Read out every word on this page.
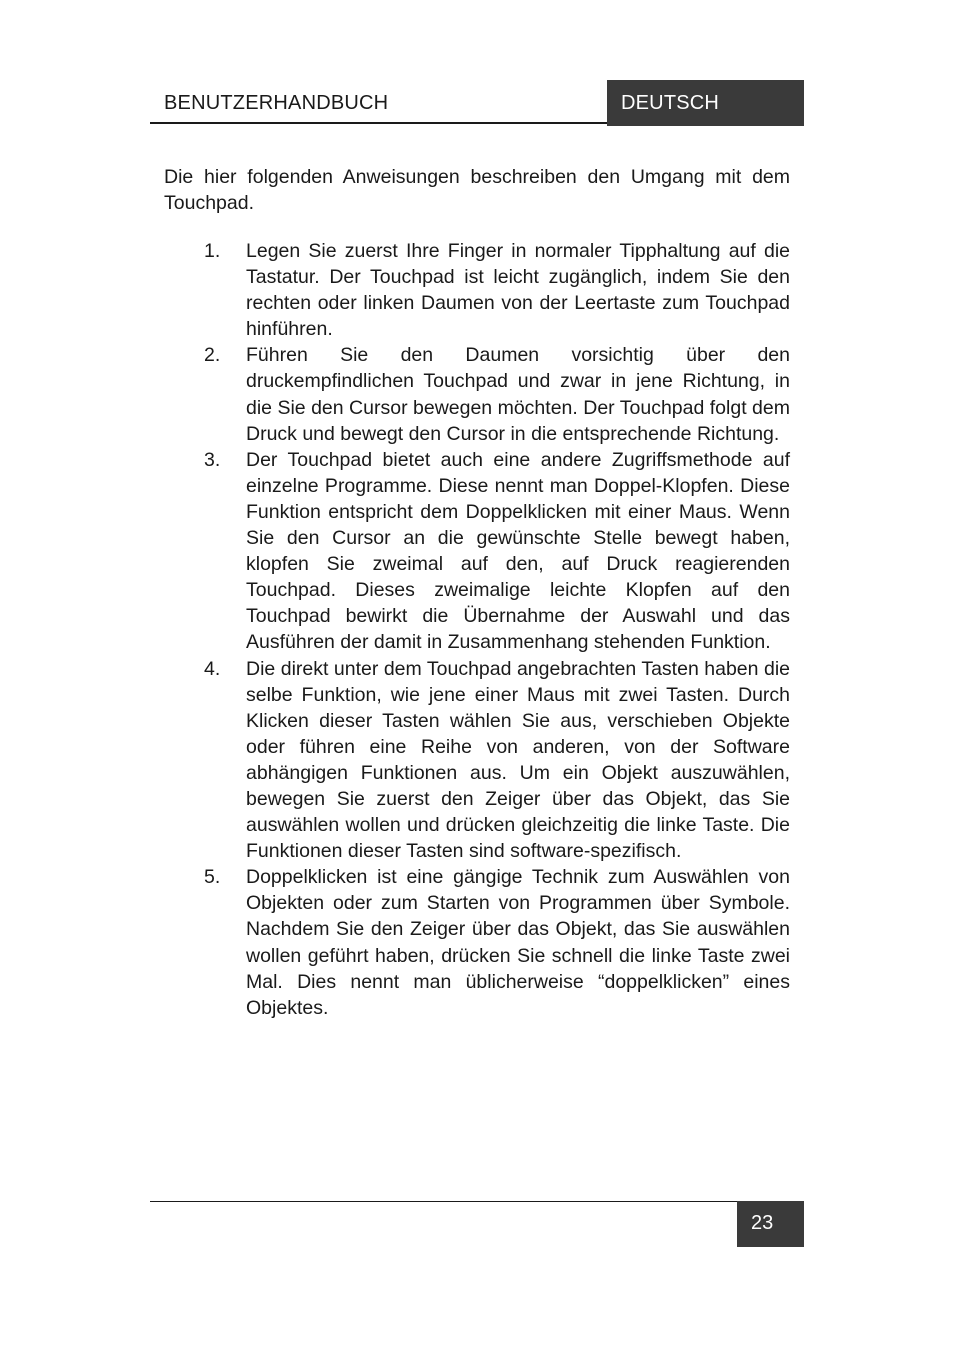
BENUTZERHANDBUCH	DEUTSCH

Die hier folgenden Anweisungen beschreiben den Umgang mit dem Touchpad.

1.	Legen Sie zuerst Ihre Finger in normaler Tipphaltung auf die Tastatur. Der Touchpad ist leicht zugänglich, indem Sie den rechten oder linken Daumen von der Leertaste zum Touchpad hinführen.
2.	Führen Sie den Daumen vorsichtig über den druckempfindlichen Touchpad und zwar in jene Richtung, in die Sie den Cursor bewegen möchten. Der Touchpad folgt dem Druck und bewegt den Cursor in die entsprechende Richtung.
3.	Der Touchpad bietet auch eine andere Zugriffsmethode auf einzelne Programme. Diese nennt man Doppel-Klopfen. Diese Funktion entspricht dem Doppelklicken mit einer Maus. Wenn Sie den Cursor an die gewünschte Stelle bewegt haben, klopfen Sie zweimal auf den, auf Druck reagierenden Touchpad. Dieses zweimalige leichte Klopfen auf den Touchpad bewirkt die Übernahme der Auswahl und das Ausführen der damit in Zusammenhang stehenden Funktion.
4.	Die direkt unter dem Touchpad angebrachten Tasten haben die selbe Funktion, wie jene einer Maus mit zwei Tasten. Durch Klicken dieser Tasten wählen Sie aus, verschieben Objekte oder führen eine Reihe von anderen, von der Software abhängigen Funktionen aus. Um ein Objekt auszuwählen, bewegen Sie zuerst den Zeiger über das Objekt, das Sie auswählen wollen und drücken gleichzeitig die linke Taste. Die Funktionen dieser Tasten sind software-spezifisch.
5.	Doppelklicken ist eine gängige Technik zum Auswählen von Objekten oder zum Starten von Programmen über Symbole. Nachdem Sie den Zeiger über das Objekt, das Sie auswählen wollen geführt haben, drücken Sie schnell die linke Taste zwei Mal. Dies nennt man üblicherweise “doppelklicken” eines Objektes.
23
